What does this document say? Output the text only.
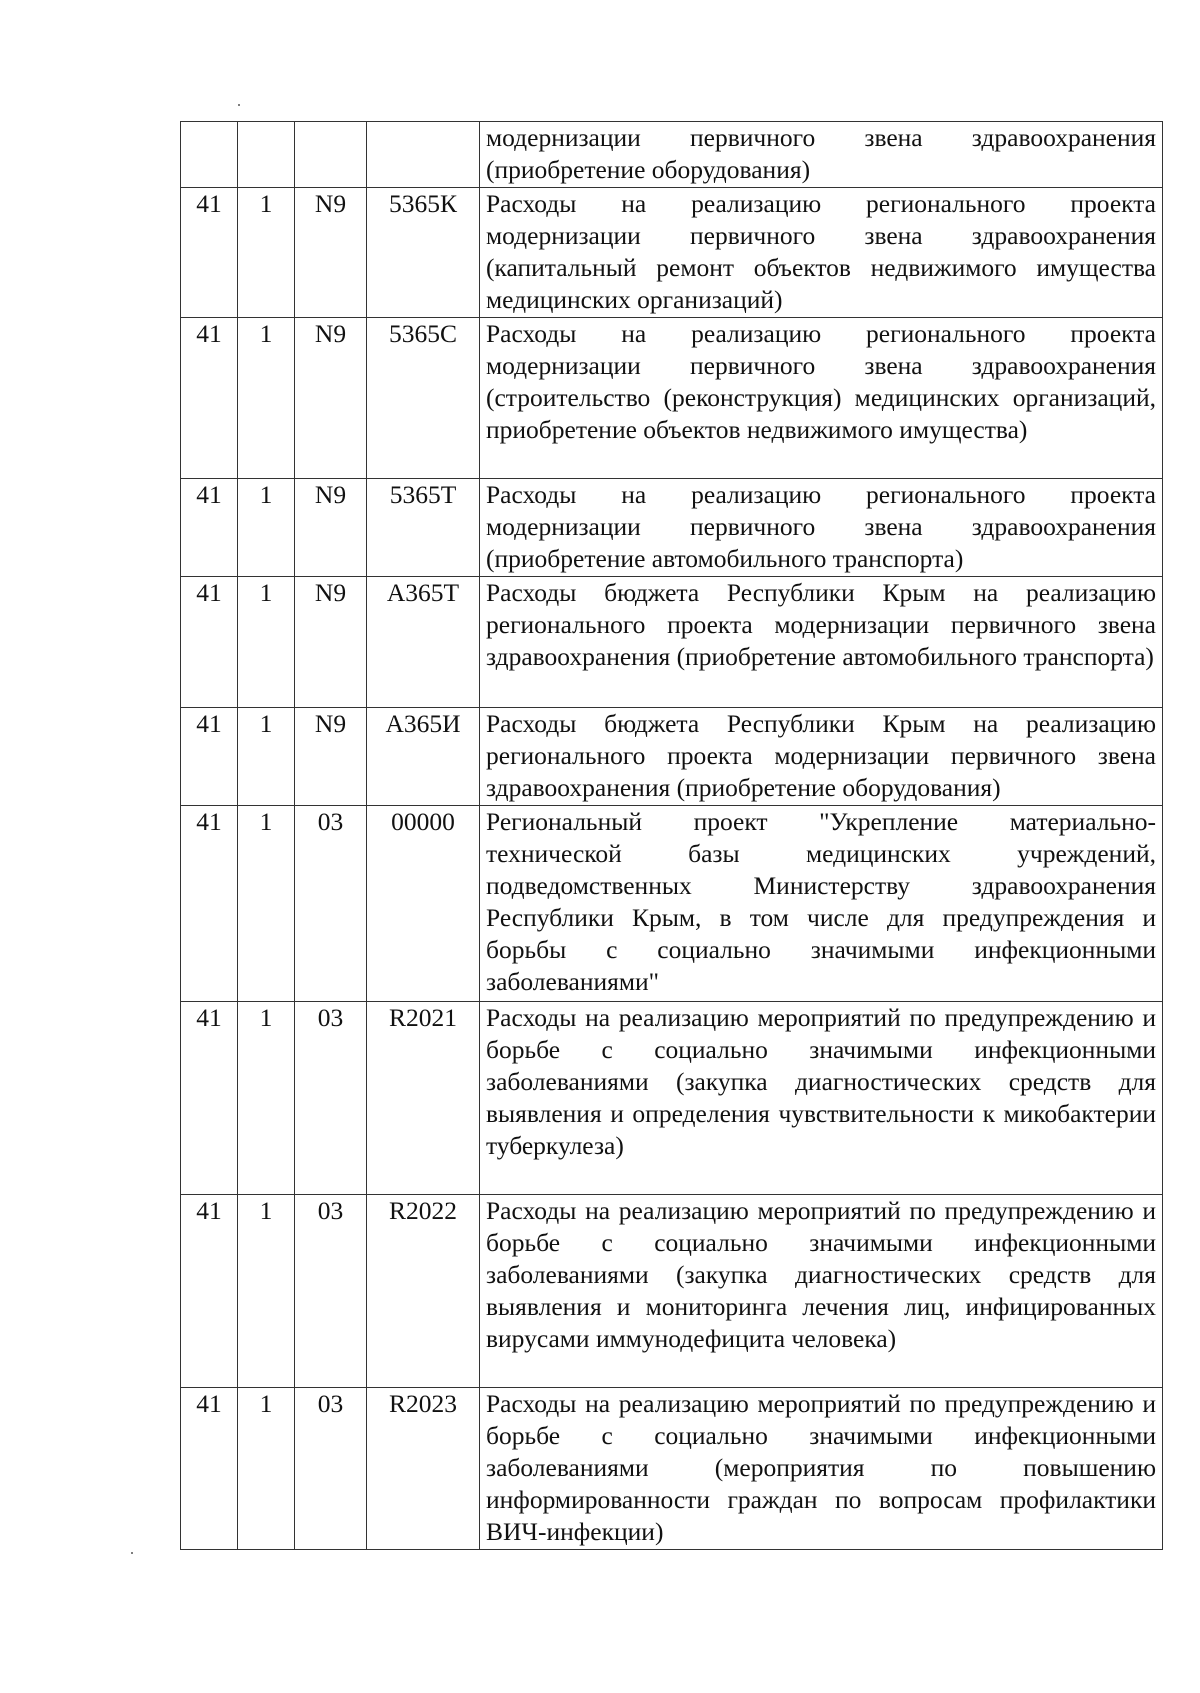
				модернизации первичного звена здравоохранения (приобретение оборудования)
41	1	N9	5365К	Расходы на реализацию регионального проекта модернизации первичного звена здравоохранения (капитальный ремонт объектов недвижимого имущества медицинских организаций)
41	1	N9	5365С	Расходы на реализацию регионального проекта модернизации первичного звена здравоохранения (строительство (реконструкция) медицинских организаций, приобретение объектов недвижимого имущества)
41	1	N9	5365Т	Расходы на реализацию регионального проекта модернизации первичного звена здравоохранения (приобретение автомобильного транспорта)
41	1	N9	А365Т	Расходы бюджета Республики Крым на реализацию регионального проекта модернизации первичного звена здравоохранения (приобретение автомобильного транспорта)
41	1	N9	А365И	Расходы бюджета Республики Крым на реализацию регионального проекта модернизации первичного звена здравоохранения (приобретение оборудования)
41	1	03	00000	Региональный проект "Укрепление материально-технической базы медицинских учреждений, подведомственных Министерству здравоохранения Республики Крым, в том числе для предупреждения и борьбы с социально значимыми инфекционными заболеваниями"
41	1	03	R2021	Расходы на реализацию мероприятий по предупреждению и борьбе с социально значимыми инфекционными заболеваниями (закупка диагностических средств для выявления и определения чувствительности к микобактерии туберкулеза)
41	1	03	R2022	Расходы на реализацию мероприятий по предупреждению и борьбе с социально значимыми инфекционными заболеваниями (закупка диагностических средств для выявления и мониторинга лечения лиц, инфицированных вирусами иммунодефицита человека)
41	1	03	R2023	Расходы на реализацию мероприятий по предупреждению и борьбе с социально значимыми инфекционными заболеваниями (мероприятия по повышению информированности граждан по вопросам профилактики ВИЧ-инфекции)
